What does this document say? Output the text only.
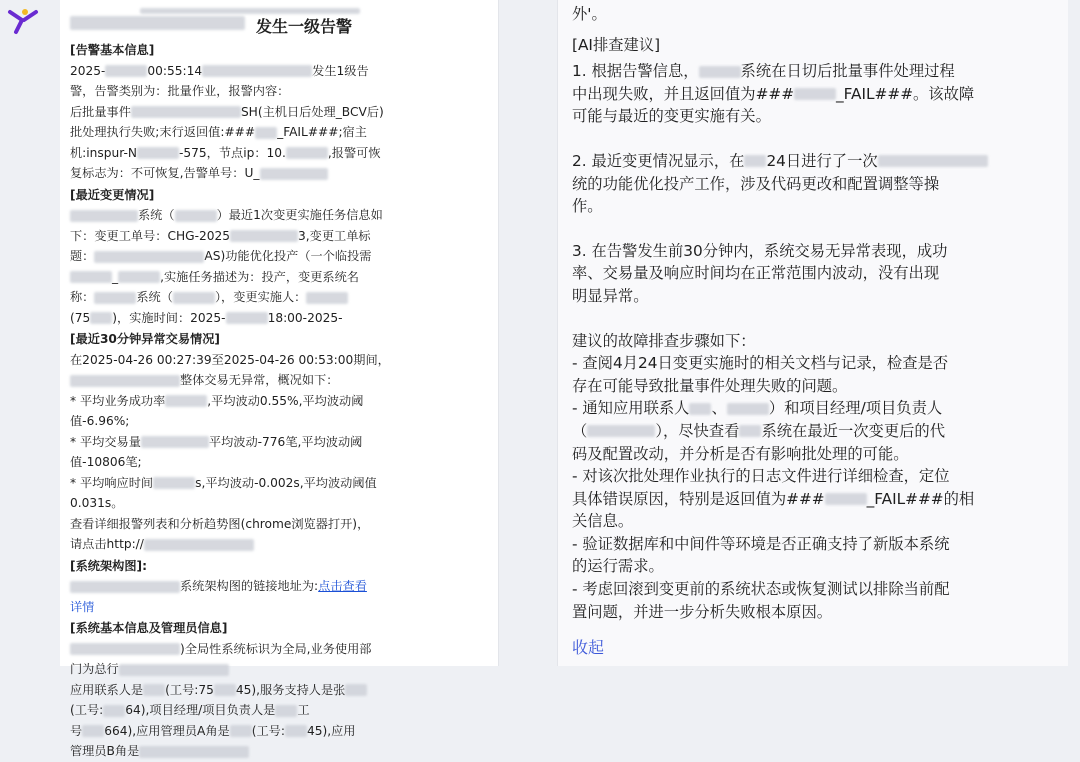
发生一级告警

[告警基本信息]

2025-	00:55:14	发生1级告

警，告警类别为：批量作业，报警内容：

后批量事件	SH(主机日后处理_BCV后)

批处理执行失败;末行返回值:### _FAIL###;宿主

机:inspur-N	-575，节点ip：10.	,报警可恢

复标志为：不可恢复,告警单号：U_

[最近变更情况]

系统（	）最近1次变更实施任务信息如

下：变更工单号：CHG-2025	3,变更工单标

题：	AS)功能优化投产（一个临投需

_	,实施任务描述为：投产，变更系统名

称：	系统（	），变更实施人：

(75 )，实施时间：2025-	18:00-2025-

[最近30分钟异常交易情况]

在2025-04-26 00:27:39至2025-04-26 00:53:00期间，

整体交易无异常，概况如下：

* 平均业务成功率	,平均波动0.55%,平均波动阈

值-6.96%;

* 平均交易量	平均波动-776笔,平均波动阈

值-10806笔;

* 平均响应时间	s,平均波动-0.002s,平均波动阈值

0.031s。

查看详细报警列表和分析趋势图(chrome浏览器打开)，

请点击http://

[系统架构图]:

系统架构图的链接地址为:点击查看

详情

[系统基本信息及管理员信息]

)全局性系统标识为全局,业务使用部

门为总行

应用联系人是 (工号:75 45),服务支持人是张

(工号: 64),项目经理/项目负责人是 工

号 664),应用管理员A角是 (工号: 45),应用

管理员B角是

外'。

[AI排查建议]

1. 根据告警信息，	系统在日切后批量事件处理过程

中出现失败，并且返回值为###	_FAIL###。该故障

可能与最近的变更实施有关。

2. 最近变更情况显示，在 24日进行了一次

统的功能优化投产工作，涉及代码更改和配置调整等操

作。

3. 在告警发生前30分钟内，系统交易无异常表现，成功

率、交易量及响应时间均在正常范围内波动，没有出现

明显异常。

建议的故障排查步骤如下：

- 查阅4月24日变更实施时的相关文档与记录，检查是否

存在可能导致批量事件处理失败的问题。

- 通知应用联系人 、	）和项目经理/项目负责人

（	），尽快查看 系统在最近一次变更后的代

码及配置改动，并分析是否有影响批处理的可能。

- 对该次批处理作业执行的日志文件进行详细检查，定位

具体错误原因，特别是返回值为###	_FAIL###的相

关信息。

- 验证数据库和中间件等环境是否正确支持了新版本系统

的运行需求。

- 考虑回滚到变更前的系统状态或恢复测试以排除当前配

置问题，并进一步分析失败根本原因。

收起
